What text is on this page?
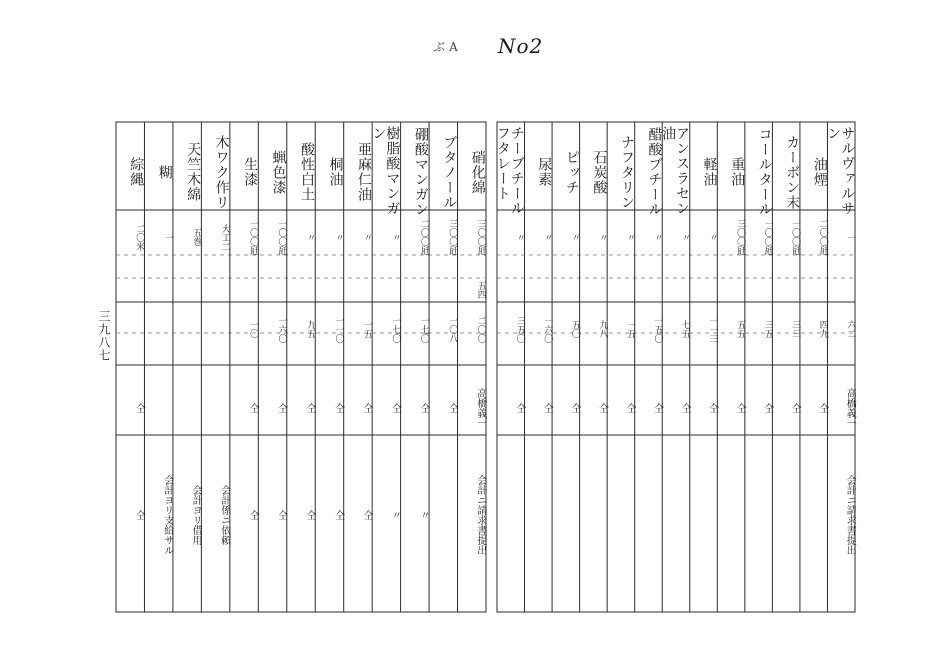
ぶ А No2
三九八七
硝化綿
三〇〇瓩
五四
二〇〇
高橋義一
会計ニ請求書提出
ブタノール
三〇〇瓩
一〇八
仝
硼酸マンガン
二〇〇瓩
一七〇
仝
〃
樹脂酸マンガン
〃
一七〇
仝
〃
亜麻仁油
〃
一五
仝
仝
桐油
〃
一一〇
仝
仝
酸性白土
〃
九五
仝
仝
蝋色漆
一〇〇瓩
一六〇
仝
仝
生漆
一〇〇瓩
一〇
仝
仝
木ワク作リ
大工二
会計係ニ依頼
天竺木綿
五巻
会計ヨリ借用
糊
一
会計ヨリ支給サル
綜縄
二〇米
仝
仝
サルヴァルサン
一
六二
高橋義一
会計ニ請求書提出
油煙
二〇〇瓩
四九
仝
カーボン末
一〇〇瓩
三三
仝
コールタール
一〇〇瓩
三五
仝
重油
三〇〇瓩
五五
仝
軽油
〃
一一三
仝
アンスラセン油
〃
七五
仝
醋酸ブチール
〃
一五〇
仝
ナフタリン
〃
一五
仝
石炭酸
〃
九八
仝
ピッチ
〃
五〇
仝
尿素
〃
一六〇
仝
チーブチールフタレート
〃
三五〇
仝
